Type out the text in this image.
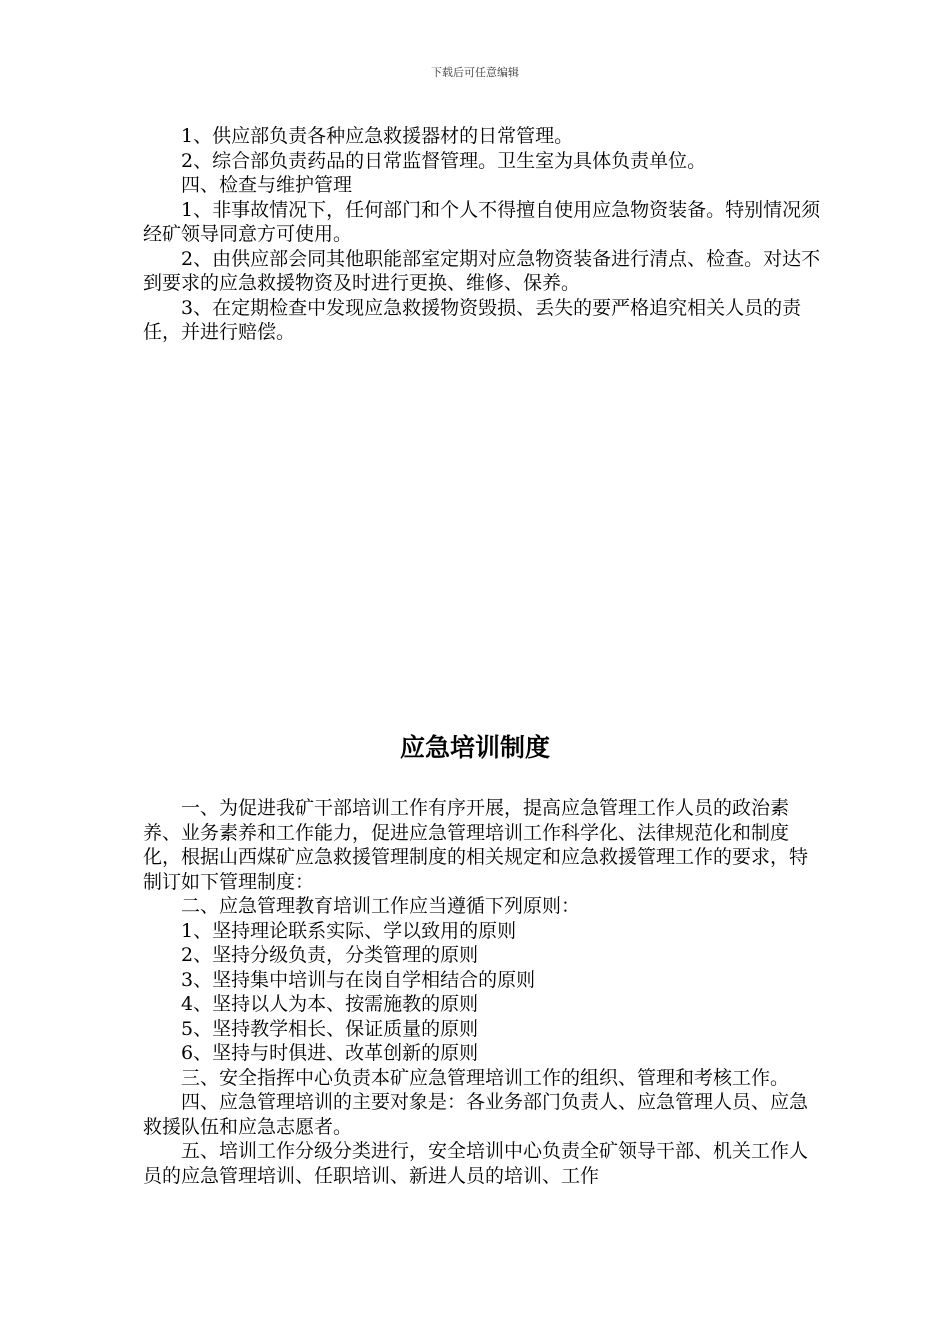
下载后可任意编辑

1、供应部负责各种应急救援器材的日常管理。

2、综合部负责药品的日常监督管理。卫生室为具体负责单位。

四、检查与维护管理

1、非事故情况下，任何部门和个人不得擅自使用应急物资装备。特别情况须经矿领导同意方可使用。

2、由供应部会同其他职能部室定期对应急物资装备进行清点、检查。对达不到要求的应急救援物资及时进行更换、维修、保养。

3、在定期检查中发现应急救援物资毁损、丢失的要严格追究相关人员的责任，并进行赔偿。

应急培训制度

一、为促进我矿干部培训工作有序开展，提高应急管理工作人员的政治素养、业务素养和工作能力，促进应急管理培训工作科学化、法律规范化和制度化，根据山西煤矿应急救援管理制度的相关规定和应急救援管理工作的要求，特制订如下管理制度：

二、应急管理教育培训工作应当遵循下列原则：

1、坚持理论联系实际、学以致用的原则

2、坚持分级负责，分类管理的原则

3、坚持集中培训与在岗自学相结合的原则

4、坚持以人为本、按需施教的原则

5、坚持教学相长、保证质量的原则

6、坚持与时俱进、改革创新的原则

三、安全指挥中心负责本矿应急管理培训工作的组织、管理和考核工作。

四、应急管理培训的主要对象是：各业务部门负责人、应急管理人员、应急救援队伍和应急志愿者。

五、培训工作分级分类进行，安全培训中心负责全矿领导干部、机关工作人员的应急管理培训、任职培训、新进人员的培训、工作
